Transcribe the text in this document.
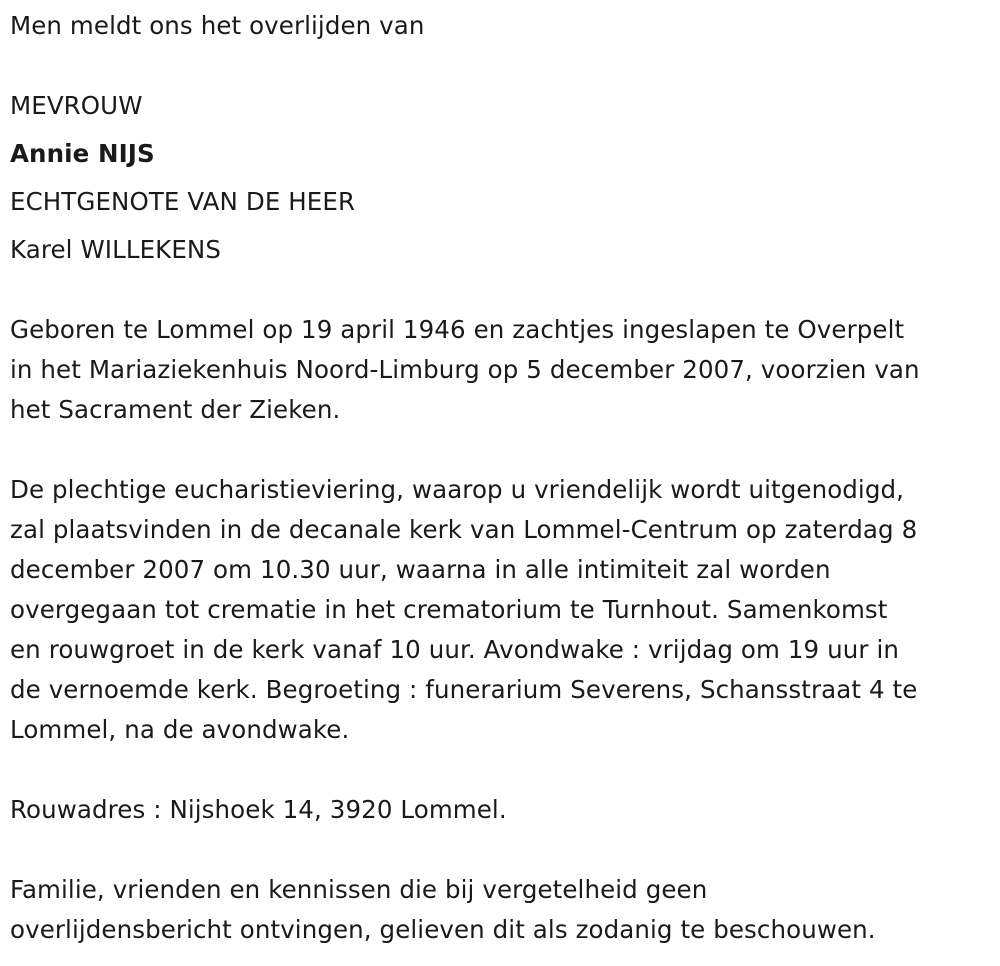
Men meldt ons het overlijden van
MEVROUW
Annie NIJS
ECHTGENOTE VAN DE HEER
Karel WILLEKENS
Geboren te Lommel op 19 april 1946 en zachtjes ingeslapen te Overpelt
in het Mariaziekenhuis Noord-Limburg op 5 december 2007, voorzien van
het Sacrament der Zieken.
De plechtige eucharistieviering, waarop u vriendelijk wordt uitgenodigd,
zal plaatsvinden in de decanale kerk van Lommel-Centrum op zaterdag 8
december 2007 om 10.30 uur, waarna in alle intimiteit zal worden
overgegaan tot crematie in het crematorium te Turnhout. Samenkomst
en rouwgroet in de kerk vanaf 10 uur. Avondwake : vrijdag om 19 uur in
de vernoemde kerk. Begroeting : funerarium Severens, Schansstraat 4 te
Lommel, na de avondwake.
Rouwadres : Nijshoek 14, 3920 Lommel.
Familie, vrienden en kennissen die bij vergetelheid geen
overlijdensbericht ontvingen, gelieven dit als zodanig te beschouwen.
